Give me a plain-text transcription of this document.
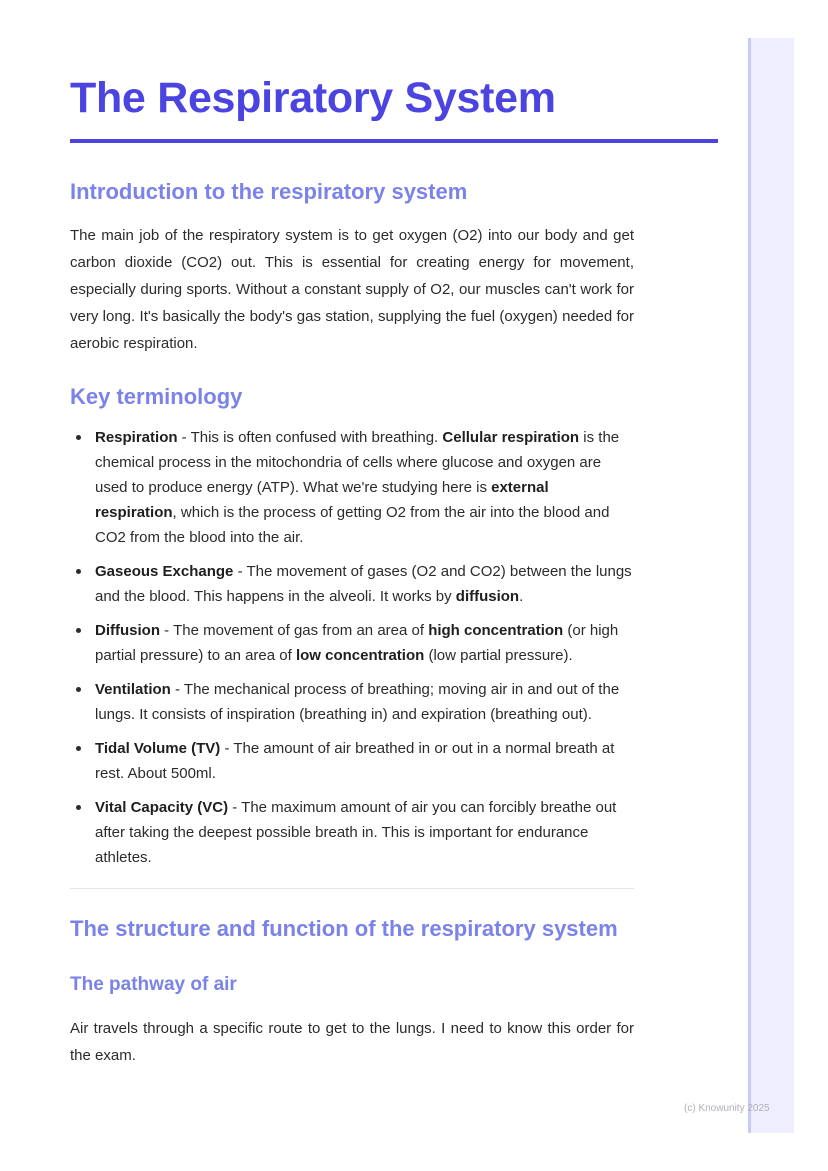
The Respiratory System
Introduction to the respiratory system

The main job of the respiratory system is to get oxygen (O2) into our body and get carbon dioxide (CO2) out. This is essential for creating energy for movement, especially during sports. Without a constant supply of O2, our muscles can't work for very long. It's basically the body's gas station, supplying the fuel (oxygen) needed for aerobic respiration.

Key terminology
Respiration - This is often confused with breathing. Cellular respiration is the chemical process in the mitochondria of cells where glucose and oxygen are used to produce energy (ATP). What we're studying here is external respiration, which is the process of getting O2 from the air into the blood and CO2 from the blood into the air.
Gaseous Exchange - The movement of gases (O2 and CO2) between the lungs and the blood. This happens in the alveoli. It works by diffusion.
Diffusion - The movement of gas from an area of high concentration (or high partial pressure) to an area of low concentration (low partial pressure).
Ventilation - The mechanical process of breathing; moving air in and out of the lungs. It consists of inspiration (breathing in) and expiration (breathing out).
Tidal Volume (TV) - The amount of air breathed in or out in a normal breath at rest. About 500ml.
Vital Capacity (VC) - The maximum amount of air you can forcibly breathe out after taking the deepest possible breath in. This is important for endurance athletes.
The structure and function of the respiratory system
The pathway of air

Air travels through a specific route to get to the lungs. I need to know this order for the exam.

(c) Knowunity 2025
